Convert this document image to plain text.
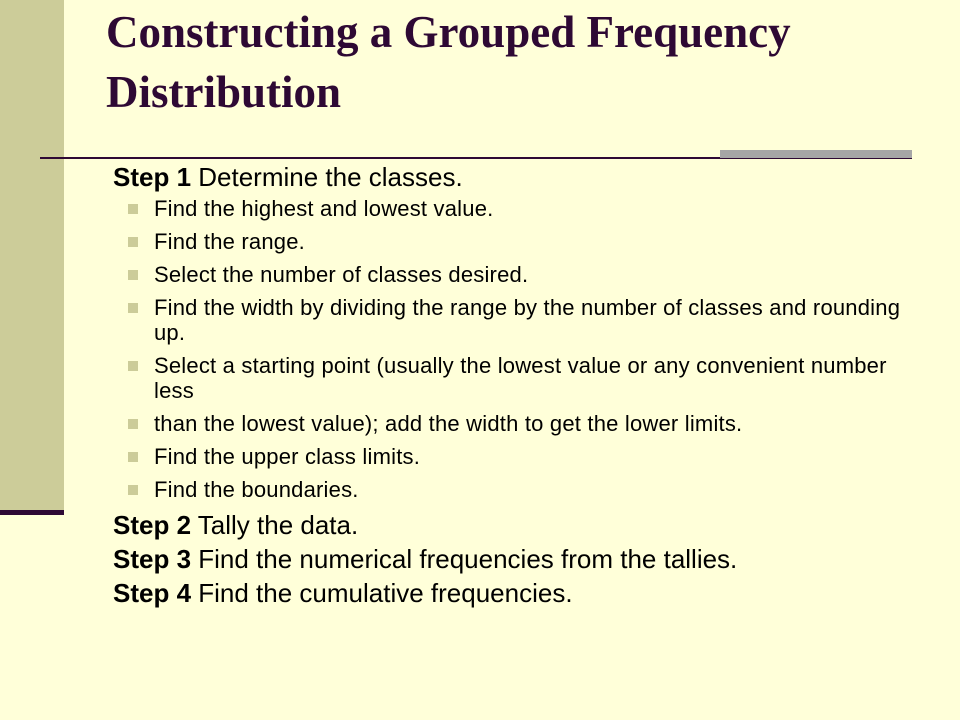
Constructing a Grouped Frequency Distribution

Step 1 Determine the classes.

Find the highest and lowest value.
Find the range.
Select the number of classes desired.
Find the width by dividing the range by the number of classes and rounding up.
Select a starting point (usually the lowest value or any convenient number less
than the lowest value); add the width to get the lower limits.
Find the upper class limits.
Find the boundaries.

Step 2 Tally the data.

Step 3 Find the numerical frequencies from the tallies.

Step 4 Find the cumulative frequencies.
